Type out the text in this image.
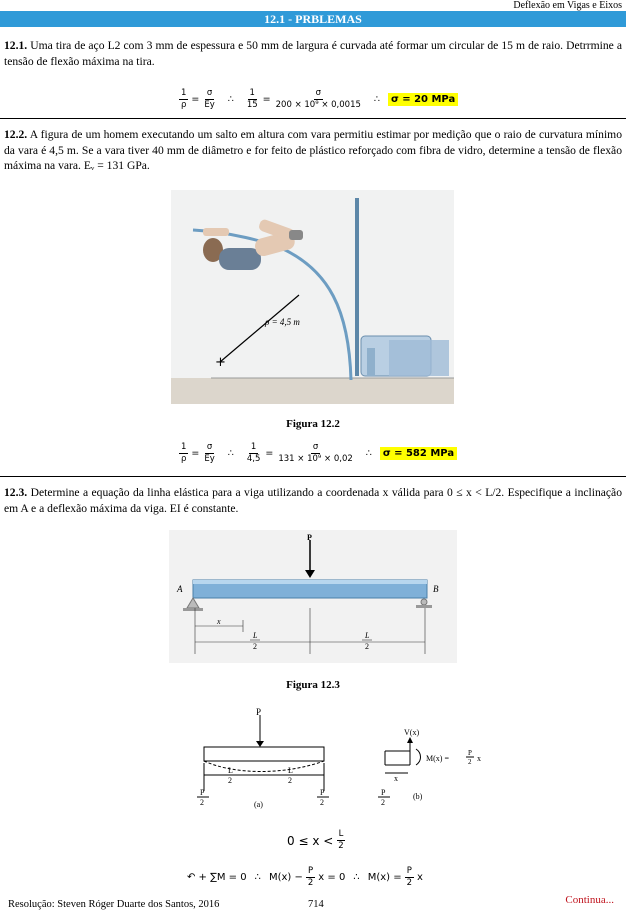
Deflexão em Vigas e Eixos
12.1 - PRBLEMAS
12.1. Uma tira de aço L2 com 3 mm de espessura e 50 mm de largura é curvada até formar um circular de 15 m de raio. Detrrmine a tensão de flexão máxima na tira.
$\frac{1}{\rho} = \frac{\sigma}{Ey}$ ∴ $\frac{1}{15} = \frac{\sigma}{\text{200 × 10⁹ × 0,0015}}$ ∴	σ = 20 MPa
12.2. A figura de um homem executando um salto em altura com vara permitiu estimar por medição que o raio de curvatura mínimo da vara é 4,5 m. Se a vara tiver 40 mm de diâmetro e for feito de plástico reforçado com fibra de vidro, determine a tensão de flexão máxima na vara. Eᵥ = 131 GPa.
+
ρ = 4,5 m
Figura 12.2
$\frac{1}{\rho} = \frac{\sigma}{Ey}$ ∴ $\frac{1}{4,5} = \frac{\sigma}{\text{131 × 10⁹ × 0,02}}$ ∴	σ = 582 MPa
12.3. Determine a equação da linha elástica para a viga utilizando a coordenada x válida para 0 ≤ x < L/2. Especifique a inclinação em A e a deflexão máxima da viga. EI é constante.
P
A	B
x
L
2
L
2
Figura 12.3
P
L
2
L
2
P
2
P
2
(a)
x
P
2
(b)
V(x)
M(x) =
P
2 x
$0 \le x < \frac{L}{2}$
↶ + ∑M = 0 ∴ $M(x) - \frac{P}{2}$ x = 0 ∴ $M(x) = \frac{P}{2}$ x
Resolução: Steven Róger Duarte dos Santos, 2016	714	Continua...
